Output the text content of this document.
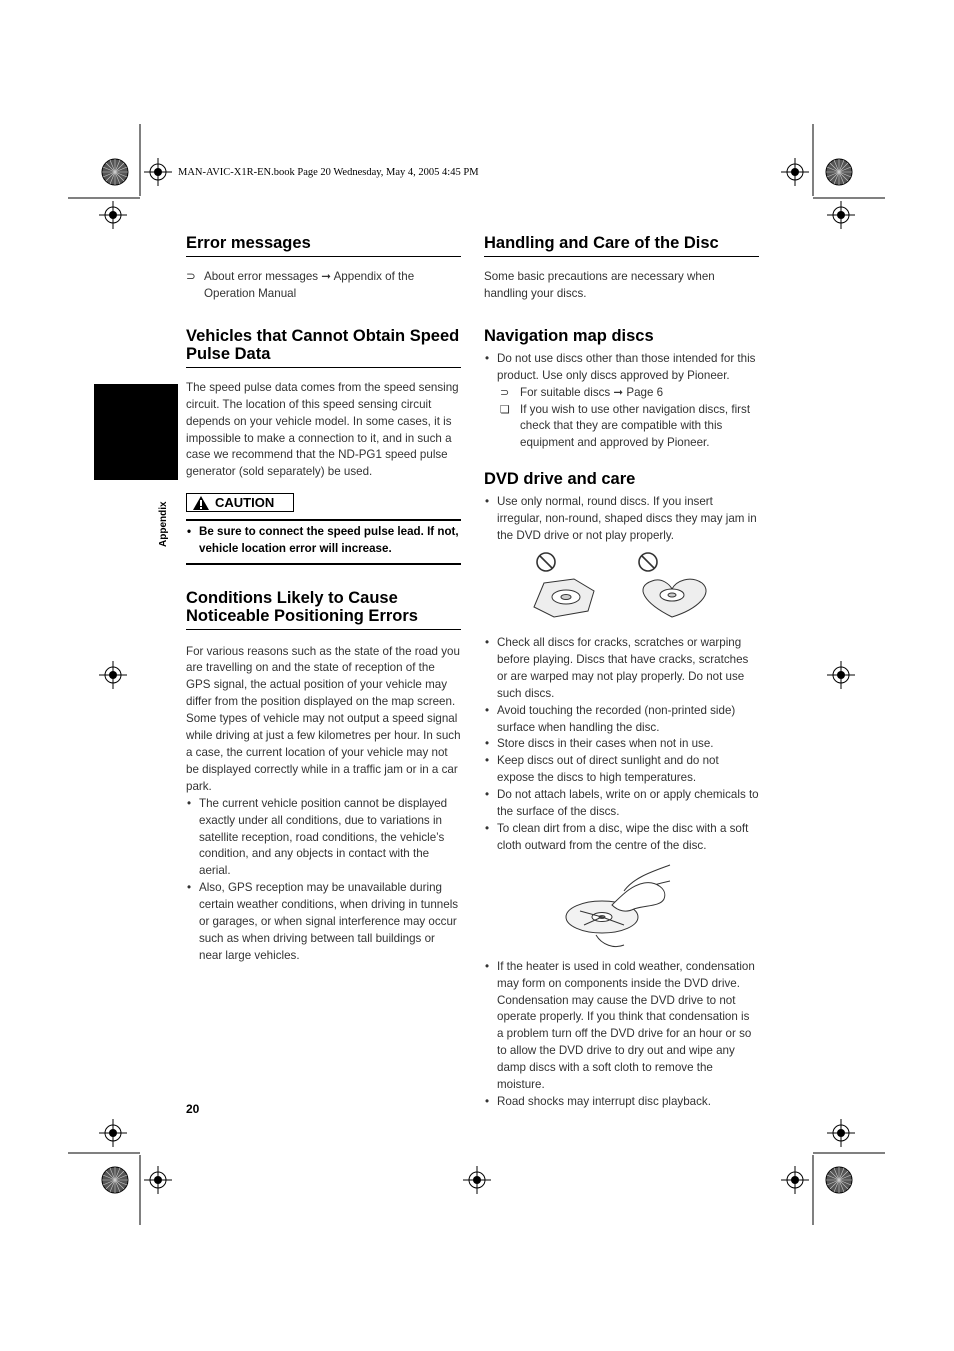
MAN-AVIC-X1R-EN.book Page 20 Wednesday, May 4, 2005 4:45 PM
Appendix
Error messages

⊃ About error messages ➞ Appendix of the Operation Manual

Vehicles that Cannot Obtain Speed Pulse Data

The speed pulse data comes from the speed sensing circuit. The location of this speed sensing circuit depends on your vehicle model. In some cases, it is impossible to make a connection to it, and in such a case we recommend that the ND-PG1 speed pulse generator (sold separately) be used.

CAUTION
• Be sure to connect the speed pulse lead. If not, vehicle location error will increase.
Conditions Likely to Cause Noticeable Positioning Errors

For various reasons such as the state of the road you are travelling on and the state of reception of the GPS signal, the actual position of your vehicle may differ from the position displayed on the map screen.

Some types of vehicle may not output a speed signal while driving at just a few kilometres per hour. In such a case, the current location of your vehicle may not be displayed correctly while in a traffic jam or in a car park.

• The current vehicle position cannot be displayed exactly under all conditions, due to variations in satellite reception, road conditions, the vehicle’s condition, and any objects in contact with the aerial.
• Also, GPS reception may be unavailable during certain weather conditions, when driving in tunnels or garages, or when signal interference may occur such as when driving between tall buildings or near large vehicles.
Handling and Care of the Disc

Some basic precautions are necessary when handling your discs.

Navigation map discs
• Do not use discs other than those intended for this product. Use only discs approved by Pioneer.
⊃ For suitable discs ➞ Page 6
❏ If you wish to use other navigation discs, first check that they are compatible with this equipment and approved by Pioneer.
DVD drive and care
• Use only normal, round discs. If you insert irregular, non-round, shaped discs they may jam in the DVD drive or not play properly.
• Check all discs for cracks, scratches or warping before playing. Discs that have cracks, scratches or are warped may not play properly. Do not use such discs.
• Avoid touching the recorded (non-printed side) surface when handling the disc.
• Store discs in their cases when not in use.
• Keep discs out of direct sunlight and do not expose the discs to high temperatures.
• Do not attach labels, write on or apply chemicals to the surface of the discs.
• To clean dirt from a disc, wipe the disc with a soft cloth outward from the centre of the disc.
• If the heater is used in cold weather, condensation may form on components inside the DVD drive. Condensation may cause the DVD drive to not operate properly. If you think that condensation is a problem turn off the DVD drive for an hour or so to allow the DVD drive to dry out and wipe any damp discs with a soft cloth to remove the moisture.
• Road shocks may interrupt disc playback.
20
